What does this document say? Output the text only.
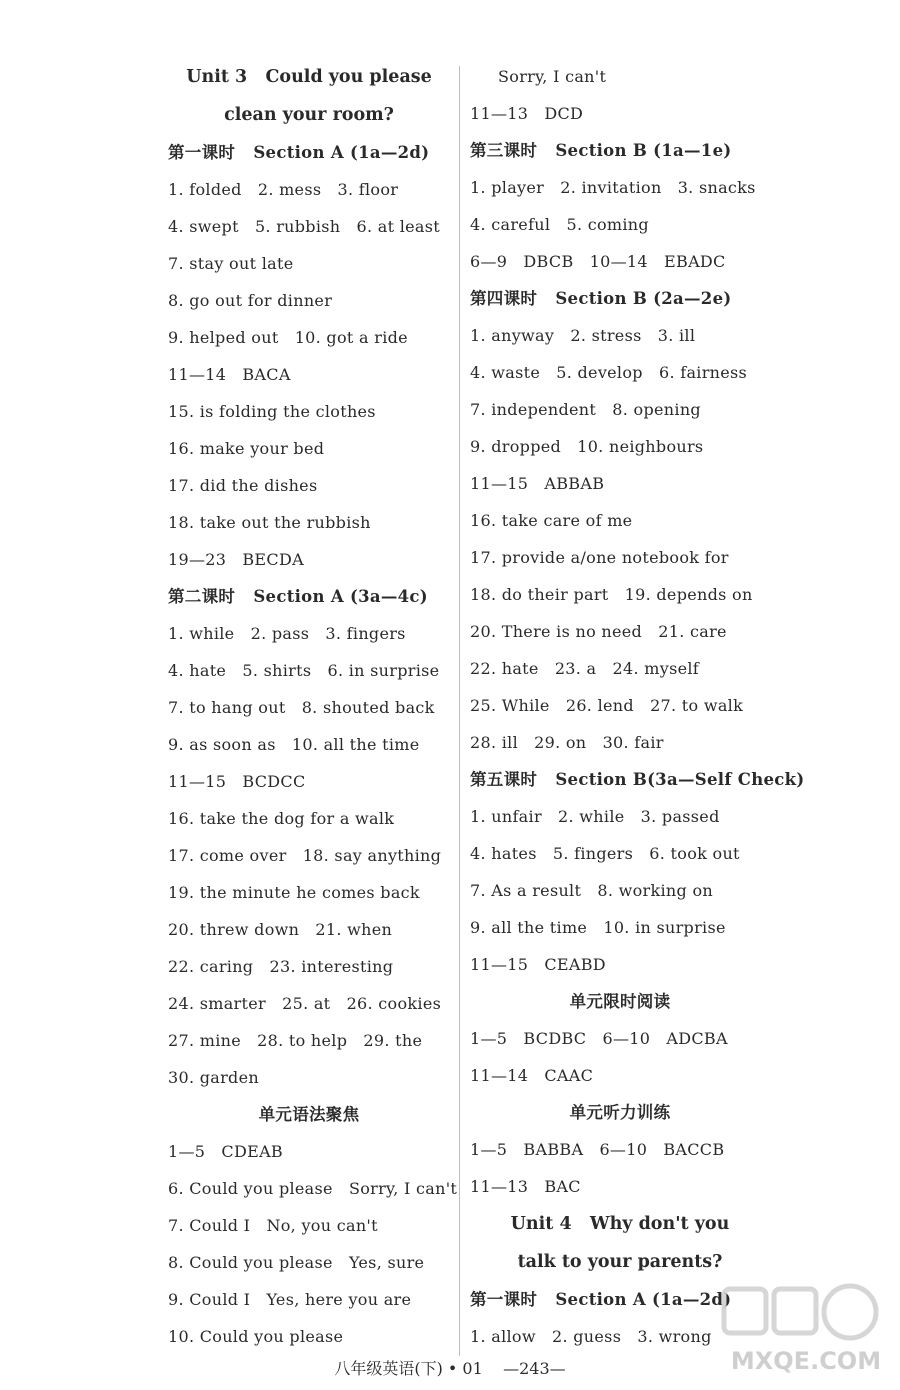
Unit 3   Could you please
clean your room?
第一课时   Section A (1a—2d)
1. folded   2. mess   3. floor
4. swept   5. rubbish   6. at least
7. stay out late
8. go out for dinner
9. helped out   10. got a ride
11—14   BACA
15. is folding the clothes
16. make your bed
17. did the dishes
18. take out the rubbish
19—23   BECDA
第二课时   Section A (3a—4c)
1. while   2. pass   3. fingers
4. hate   5. shirts   6. in surprise
7. to hang out   8. shouted back
9. as soon as   10. all the time
11—15   BCDCC
16. take the dog for a walk
17. come over   18. say anything
19. the minute he comes back
20. threw down   21. when
22. caring   23. interesting
24. smarter   25. at   26. cookies
27. mine   28. to help   29. the
30. garden
单元语法聚焦
1—5   CDEAB
6. Could you please   Sorry, I can't
7. Could I   No, you can't
8. Could you please   Yes, sure
9. Could I   Yes, here you are
10. Could you please
Sorry, I can't
11—13   DCD
第三课时   Section B (1a—1e)
1. player   2. invitation   3. snacks
4. careful   5. coming
6—9   DBCB   10—14   EBADC
第四课时   Section B (2a—2e)
1. anyway   2. stress   3. ill
4. waste   5. develop   6. fairness
7. independent   8. opening
9. dropped   10. neighbours
11—15   ABBAB
16. take care of me
17. provide a/one notebook for
18. do their part   19. depends on
20. There is no need   21. care
22. hate   23. a   24. myself
25. While   26. lend   27. to walk
28. ill   29. on   30. fair
第五课时   Section B(3a—Self Check)
1. unfair   2. while   3. passed
4. hates   5. fingers   6. took out
7. As a result   8. working on
9. all the time   10. in surprise
11—15   CEABD
单元限时阅读
1—5   BCDBC   6—10   ADCBA
11—14   CAAC
单元听力训练
1—5   BABBA   6—10   BACCB
11—13   BAC
Unit 4   Why don't you
talk to your parents?
第一课时   Section A (1a—2d)
1. allow   2. guess   3. wrong
八年级英语(下) • 01    —243—	MXQE.COM
